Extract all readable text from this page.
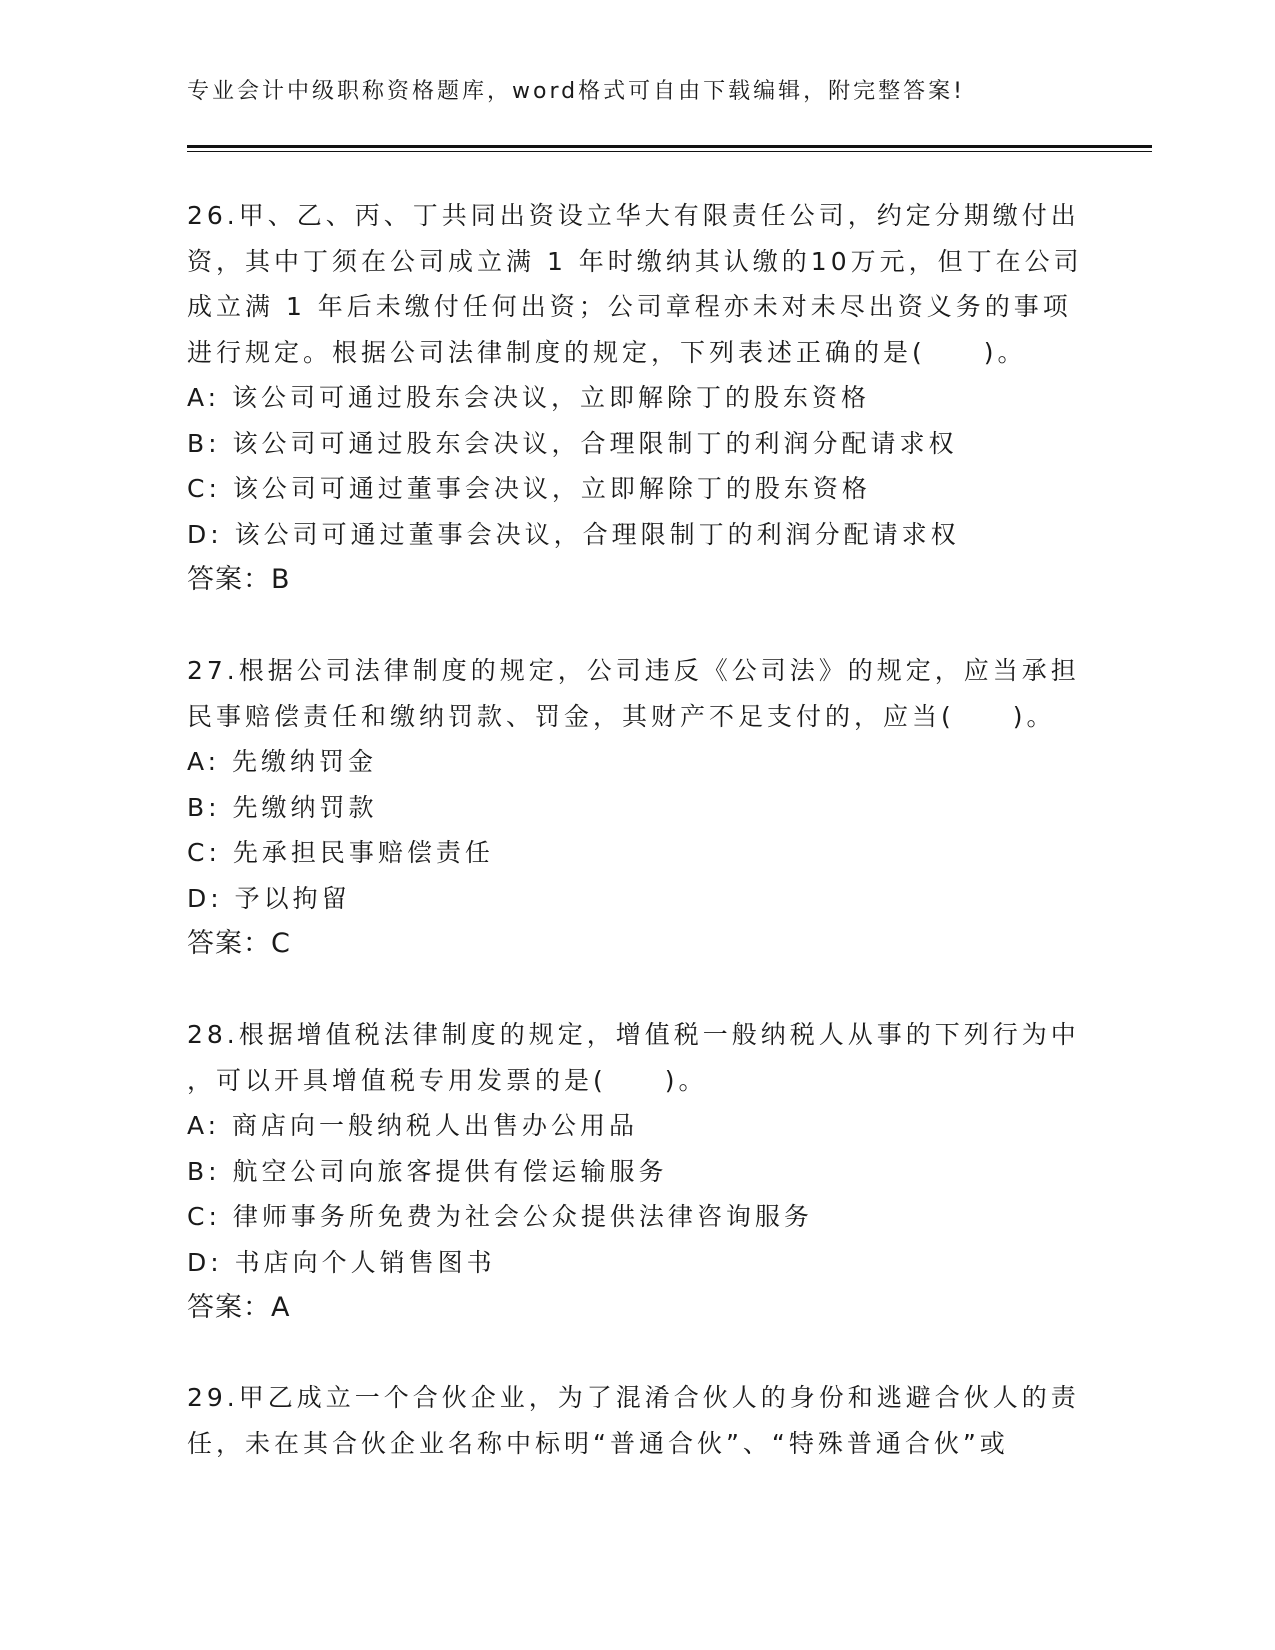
专业会计中级职称资格题库，word格式可自由下载编辑，附完整答案!
26.甲、乙、丙、丁共同出资设立华大有限责任公司，约定分期缴付出
资，其中丁须在公司成立满 1 年时缴纳其认缴的10万元，但丁在公司
成立满 1 年后未缴付任何出资；公司章程亦未对未尽出资义务的事项
进行规定。根据公司法律制度的规定，下列表述正确的是(　　)。
A: 该公司可通过股东会决议，立即解除丁的股东资格
B: 该公司可通过股东会决议，合理限制丁的利润分配请求权
C: 该公司可通过董事会决议，立即解除丁的股东资格
D: 该公司可通过董事会决议，合理限制丁的利润分配请求权
答案：B
27.根据公司法律制度的规定，公司违反《公司法》的规定，应当承担
民事赔偿责任和缴纳罚款、罚金，其财产不足支付的，应当(　　)。
A: 先缴纳罚金
B: 先缴纳罚款
C: 先承担民事赔偿责任
D: 予以拘留
答案：C
28.根据增值税法律制度的规定，增值税一般纳税人从事的下列行为中
，可以开具增值税专用发票的是(　　)。
A: 商店向一般纳税人出售办公用品
B: 航空公司向旅客提供有偿运输服务
C: 律师事务所免费为社会公众提供法律咨询服务
D: 书店向个人销售图书
答案：A
29.甲乙成立一个合伙企业，为了混淆合伙人的身份和逃避合伙人的责
任，未在其合伙企业名称中标明“普通合伙”、“特殊普通合伙”或
